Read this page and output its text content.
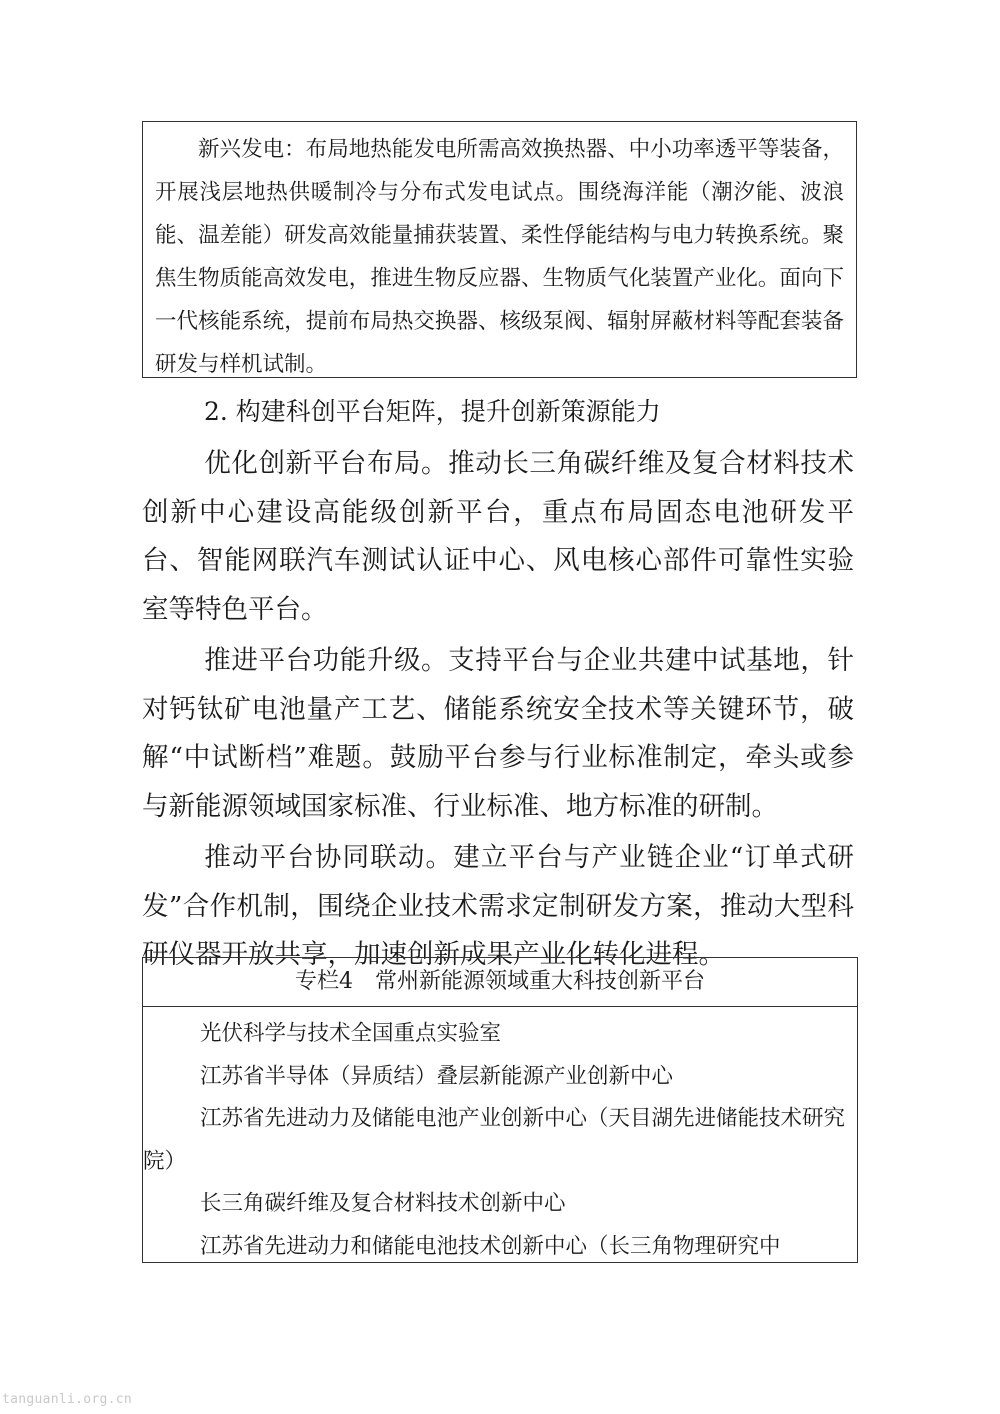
新兴发电：布局地热能发电所需高效换热器、中小功率透平等装备，开展浅层地热供暖制冷与分布式发电试点。围绕海洋能（潮汐能、波浪能、温差能）研发高效能量捕获装置、柔性俘能结构与电力转换系统。聚焦生物质能高效发电，推进生物反应器、生物质气化装置产业化。面向下一代核能系统，提前布局热交换器、核级泵阀、辐射屏蔽材料等配套装备研发与样机试制。

2. 构建科创平台矩阵，提升创新策源能力

优化创新平台布局。推动长三角碳纤维及复合材料技术创新中心建设高能级创新平台，重点布局固态电池研发平台、智能网联汽车测试认证中心、风电核心部件可靠性实验室等特色平台。

推进平台功能升级。支持平台与企业共建中试基地，针对钙钛矿电池量产工艺、储能系统安全技术等关键环节，破解“中试断档”难题。鼓励平台参与行业标准制定，牵头或参与新能源领域国家标准、行业标准、地方标准的研制。

推动平台协同联动。建立平台与产业链企业“订单式研发”合作机制，围绕企业技术需求定制研发方案，推动大型科研仪器开放共享，加速创新成果产业化转化进程。

专栏4 常州新能源领域重大科技创新平台
光伏科学与技术全国重点实验室
江苏省半导体（异质结）叠层新能源产业创新中心
江苏省先进动力及储能电池产业创新中心（天目湖先进储能技术研究院）
长三角碳纤维及复合材料技术创新中心
江苏省先进动力和储能电池技术创新中心（长三角物理研究中
tanguanli.org.cn
